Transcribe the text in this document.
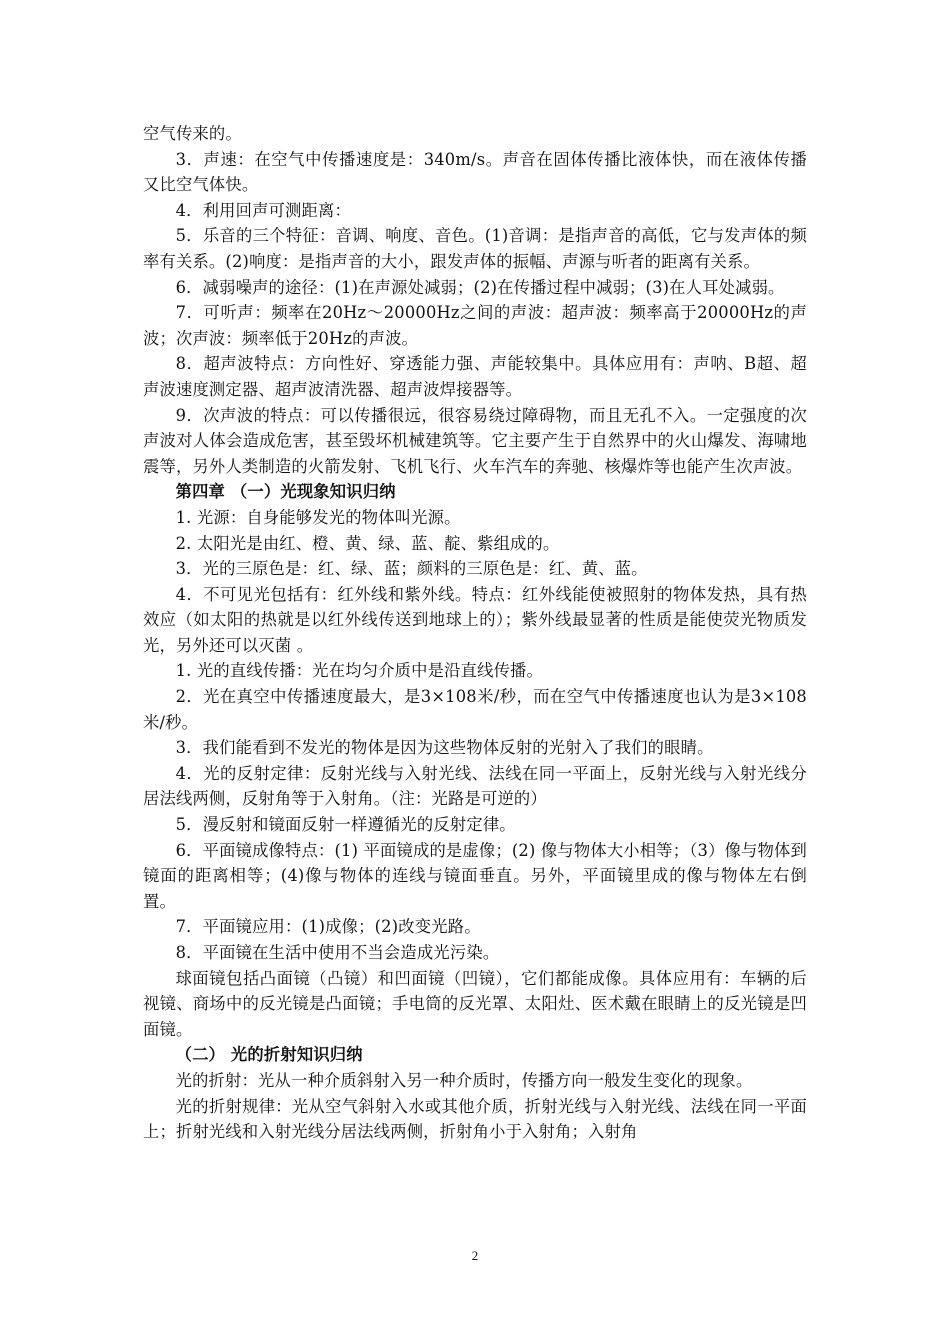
空气传来的。

3．声速：在空气中传播速度是：340m/s。声音在固体传播比液体快，而在液体传播又比空气体快。

4．利用回声可测距离：

5．乐音的三个特征：音调、响度、音色。(1)音调：是指声音的高低，它与发声体的频率有关系。(2)响度：是指声音的大小，跟发声体的振幅、声源与听者的距离有关系。

6．减弱噪声的途径：(1)在声源处减弱；(2)在传播过程中减弱；(3)在人耳处减弱。

7．可听声：频率在20Hz～20000Hz之间的声波：超声波：频率高于20000Hz的声波；次声波：频率低于20Hz的声波。

8．超声波特点：方向性好、穿透能力强、声能较集中。具体应用有：声呐、B超、超声波速度测定器、超声波清洗器、超声波焊接器等。

9．次声波的特点：可以传播很远，很容易绕过障碍物，而且无孔不入。一定强度的次声波对人体会造成危害，甚至毁坏机械建筑等。它主要产生于自然界中的火山爆发、海啸地震等，另外人类制造的火箭发射、飞机飞行、火车汽车的奔驰、核爆炸等也能产生次声波。

第四章 （一）光现象知识归纳

1. 光源：自身能够发光的物体叫光源。

2. 太阳光是由红、橙、黄、绿、蓝、靛、紫组成的。

3．光的三原色是：红、绿、蓝；颜料的三原色是：红、黄、蓝。

4．不可见光包括有：红外线和紫外线。特点：红外线能使被照射的物体发热，具有热效应（如太阳的热就是以红外线传送到地球上的）；紫外线最显著的性质是能使荧光物质发光，另外还可以灭菌 。

1. 光的直线传播：光在均匀介质中是沿直线传播。

2．光在真空中传播速度最大，是3×108米/秒，而在空气中传播速度也认为是3×108米/秒。

3．我们能看到不发光的物体是因为这些物体反射的光射入了我们的眼睛。

4．光的反射定律：反射光线与入射光线、法线在同一平面上，反射光线与入射光线分居法线两侧，反射角等于入射角。（注：光路是可逆的）

5．漫反射和镜面反射一样遵循光的反射定律。

6．平面镜成像特点：(1) 平面镜成的是虚像；(2) 像与物体大小相等；（3）像与物体到镜面的距离相等；(4)像与物体的连线与镜面垂直。另外，平面镜里成的像与物体左右倒置。

7．平面镜应用：(1)成像；(2)改变光路。

8．平面镜在生活中使用不当会造成光污染。

球面镜包括凸面镜（凸镜）和凹面镜（凹镜），它们都能成像。具体应用有：车辆的后视镜、商场中的反光镜是凸面镜；手电筒的反光罩、太阳灶、医术戴在眼睛上的反光镜是凹面镜。

（二） 光的折射知识归纳

光的折射：光从一种介质斜射入另一种介质时，传播方向一般发生变化的现象。

光的折射规律：光从空气斜射入水或其他介质，折射光线与入射光线、法线在同一平面上；折射光线和入射光线分居法线两侧，折射角小于入射角；入射角

2
